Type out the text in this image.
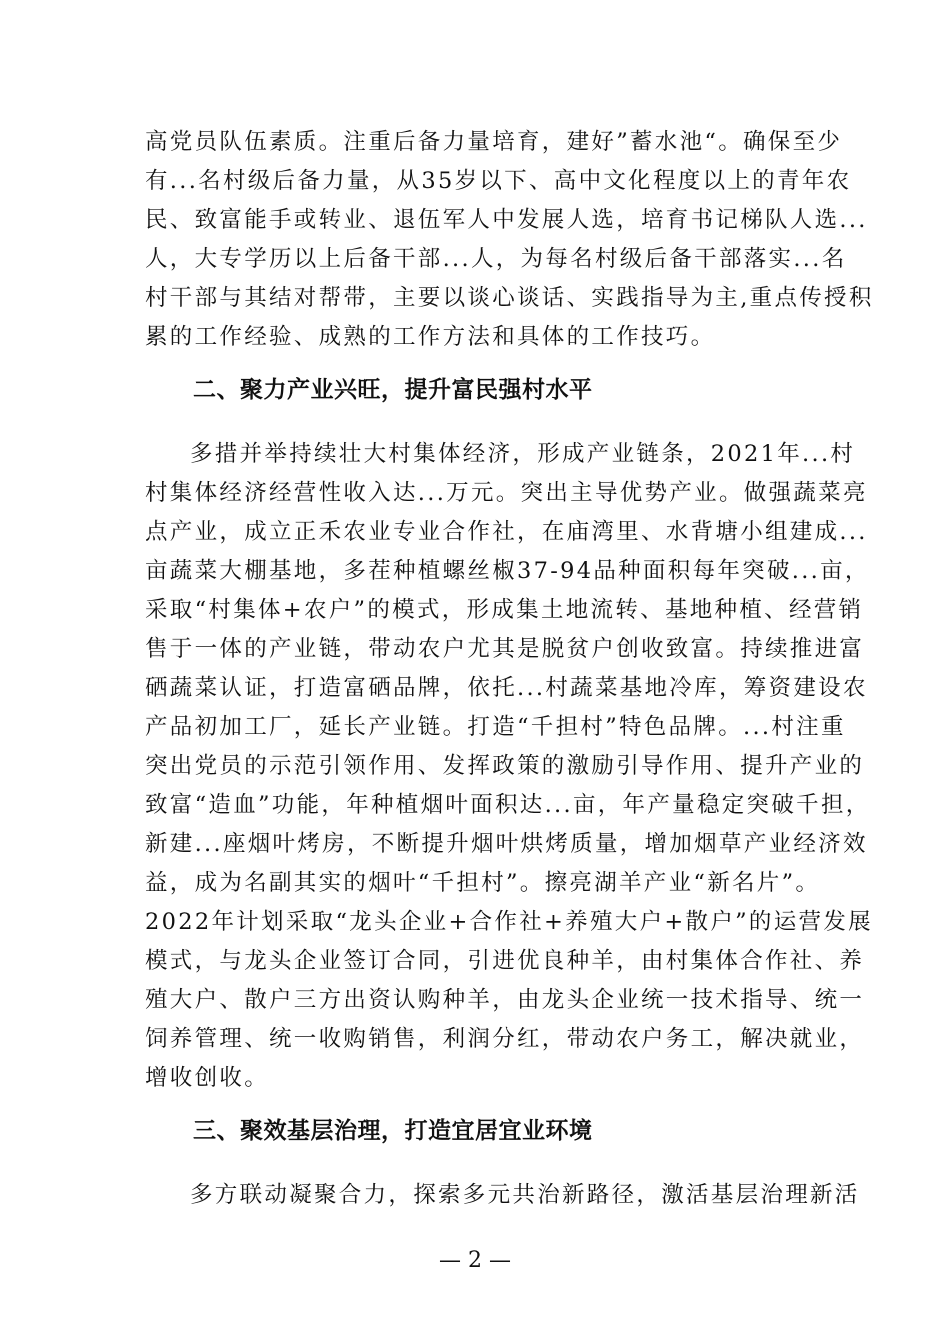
高党员队伍素质。注重后备力量培育，建好”蓄水池“。确保至少
有...名村级后备力量，从35岁以下、高中文化程度以上的青年农
民、致富能手或转业、退伍军人中发展人选，培育书记梯队人选...
人，大专学历以上后备干部...人，为每名村级后备干部落实...名
村干部与其结对帮带，主要以谈心谈话、实践指导为主,重点传授积
累的工作经验、成熟的工作方法和具体的工作技巧。
二、聚力产业兴旺，提升富民强村水平
多措并举持续壮大村集体经济，形成产业链条，2021年...村
村集体经济经营性收入达...万元。突出主导优势产业。做强蔬菜亮
点产业，成立正禾农业专业合作社，在庙湾里、水背塘小组建成...
亩蔬菜大棚基地，多茬种植螺丝椒37-94品种面积每年突破...亩，
采取“村集体+农户”的模式，形成集土地流转、基地种植、经营销
售于一体的产业链，带动农户尤其是脱贫户创收致富。持续推进富
硒蔬菜认证，打造富硒品牌，依托...村蔬菜基地冷库，筹资建设农
产品初加工厂，延长产业链。打造“千担村”特色品牌。...村注重
突出党员的示范引领作用、发挥政策的激励引导作用、提升产业的
致富“造血”功能，年种植烟叶面积达...亩，年产量稳定突破千担，
新建...座烟叶烤房，不断提升烟叶烘烤质量，增加烟草产业经济效
益，成为名副其实的烟叶“千担村”。擦亮湖羊产业“新名片”。
2022年计划采取“龙头企业+合作社+养殖大户+散户”的运营发展
模式，与龙头企业签订合同，引进优良种羊，由村集体合作社、养
殖大户、散户三方出资认购种羊，由龙头企业统一技术指导、统一
饲养管理、统一收购销售，利润分红，带动农户务工，解决就业，
增收创收。
三、聚效基层治理，打造宜居宜业环境
多方联动凝聚合力，探索多元共治新路径，激活基层治理新活
— 2 —
